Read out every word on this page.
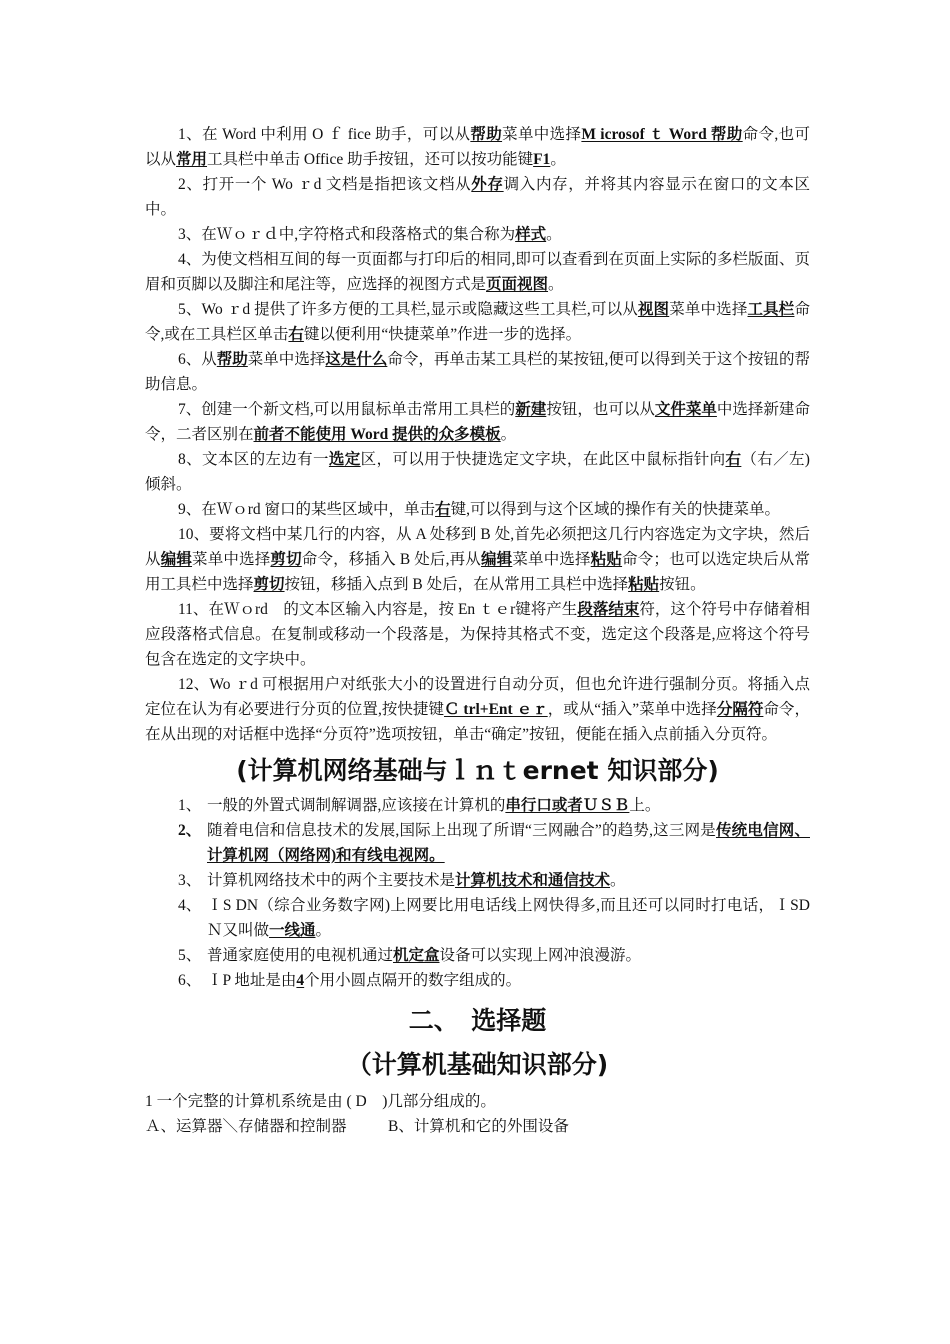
1、在 Word 中利用 O ｆ fice 助手，可以从帮助菜单中选择M icrosof ｔ Word 帮助命令,也可以从常用工具栏中单击 Office 助手按钮，还可以按功能键F1。

2、打开一个 Wo ｒd 文档是指把该文档从外存调入内存，并将其内容显示在窗口的文本区中。

3、在Ｗｏｒｄ中,字符格式和段落格式的集合称为样式。

4、为使文档相互间的每一页面都与打印后的相同,即可以查看到在页面上实际的多栏版面、页眉和页脚以及脚注和尾注等，应选择的视图方式是页面视图。

5、Wo ｒd 提供了许多方便的工具栏,显示或隐藏这些工具栏,可以从视图菜单中选择工具栏命令,或在工具栏区单击右键以便利用“快捷菜单”作进一步的选择。

6、从帮助菜单中选择这是什么命令，再单击某工具栏的某按钮,便可以得到关于这个按钮的帮助信息。

7、创建一个新文档,可以用鼠标单击常用工具栏的新建按钮，也可以从文件菜单中选择新建命令，二者区别在前者不能使用 Word 提供的众多模板。

8、文本区的左边有一选定区，可以用于快捷选定文字块，在此区中鼠标指针向右（右／左)倾斜。

9、在Ｗｏrd 窗口的某些区域中，单击右键,可以得到与这个区域的操作有关的快捷菜单。

10、要将文档中某几行的内容，从 A 处移到 B 处,首先必须把这几行内容选定为文字块，然后从编辑菜单中选择剪切命令，移插入 B 处后,再从编辑菜单中选择粘贴命令；也可以选定块后从常用工具栏中选择剪切按钮，移插入点到 B 处后，在从常用工具栏中选择粘贴按钮。

11、在Ｗｏrd　的文本区输入内容是，按 En ｔｅr键将产生段落结束符，这个符号中存储着相应段落格式信息。在复制或移动一个段落是，为保持其格式不变，选定这个段落是,应将这个符号包含在选定的文字块中。

12、Wo ｒd 可根据用户对纸张大小的设置进行自动分页，但也允许进行强制分页。将插入点定位在认为有必要进行分页的位置,按快捷键Ｃ trl+Ent ｅｒ，或从“插入”菜单中选择分隔符命令，在从出现的对话框中选择“分页符”选项按钮，单击“确定”按钮，便能在插入点前插入分页符。

(计算机网络基础与ｌｎｔernet 知识部分)
1、 一般的外置式调制解调器,应该接在计算机的串行口或者ＵＳＢ上。
2、 随着电信和信息技术的发展,国际上出现了所谓“三网融合”的趋势,这三网是传统电信网、计算机网（网络网)和有线电视网。
3、 计算机网络技术中的两个主要技术是计算机技术和通信技术。
4、 ＩS DN（综合业务数字网)上网要比用电话线上网快得多,而且还可以同时打电话，ＩSD Ｎ又叫做一线通。
5、 普通家庭使用的电视机通过机定盒设备可以实现上网冲浪漫游。
6、 ＩP 地址是由4个用小圆点隔开的数字组成的。
二、　选择题
（计算机基础知识部分)

1 一个完整的计算机系统是由 ( D　)几部分组成的。

Ａ、运算器＼存储器和控制器	B、计算机和它的外围设备
